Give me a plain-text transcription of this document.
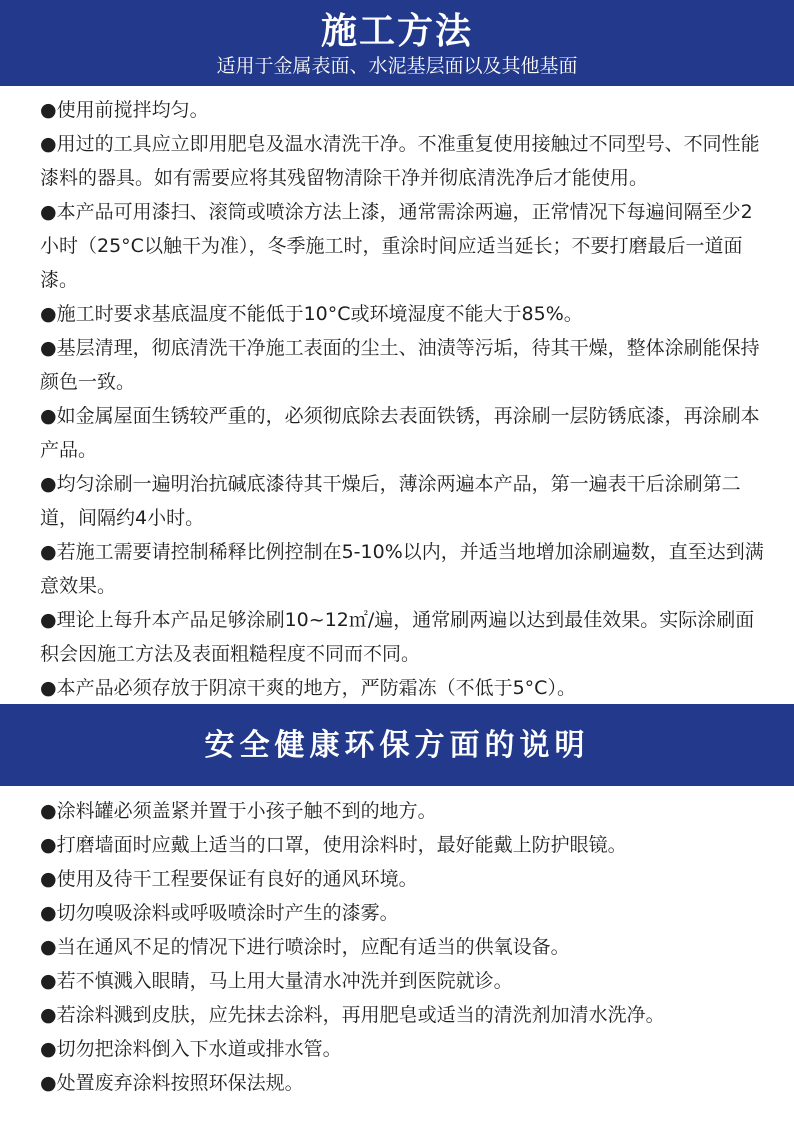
施工方法
适用于金属表面、水泥基层面以及其他基面
●使用前搅拌均匀。
●用过的工具应立即用肥皂及温水清洗干净。不准重复使用接触过不同型号、不同性能漆料的器具。如有需要应将其残留物清除干净并彻底清洗净后才能使用。
●本产品可用漆扫、滚筒或喷涂方法上漆，通常需涂两遍，正常情况下每遍间隔至少2小时（25°C以触干为准），冬季施工时，重涂时间应适当延长；不要打磨最后一道面漆。
●施工时要求基底温度不能低于10°C或环境湿度不能大于85%。
●基层清理，彻底清洗干净施工表面的尘土、油渍等污垢，待其干燥，整体涂刷能保持颜色一致。
●如金属屋面生锈较严重的，必须彻底除去表面铁锈，再涂刷一层防锈底漆，再涂刷本产品。
●均匀涂刷一遍明治抗碱底漆待其干燥后，薄涂两遍本产品，第一遍表干后涂刷第二道，间隔约4小时。
●若施工需要请控制稀释比例控制在5-10%以内，并适当地增加涂刷遍数，直至达到满意效果。
●理论上每升本产品足够涂刷10~12㎡/遍，通常刷两遍以达到最佳效果。实际涂刷面积会因施工方法及表面粗糙程度不同而不同。
●本产品必须存放于阴凉干爽的地方，严防霜冻（不低于5°C）。
安全健康环保方面的说明
●涂料罐必须盖紧并置于小孩子触不到的地方。
●打磨墙面时应戴上适当的口罩，使用涂料时，最好能戴上防护眼镜。
●使用及待干工程要保证有良好的通风环境。
●切勿嗅吸涂料或呼吸喷涂时产生的漆雾。
●当在通风不足的情况下进行喷涂时，应配有适当的供氧设备。
●若不慎溅入眼睛，马上用大量清水冲洗并到医院就诊。
●若涂料溅到皮肤，应先抹去涂料，再用肥皂或适当的清洗剂加清水洗净。
●切勿把涂料倒入下水道或排水管。
●处置废弃涂料按照环保法规。
